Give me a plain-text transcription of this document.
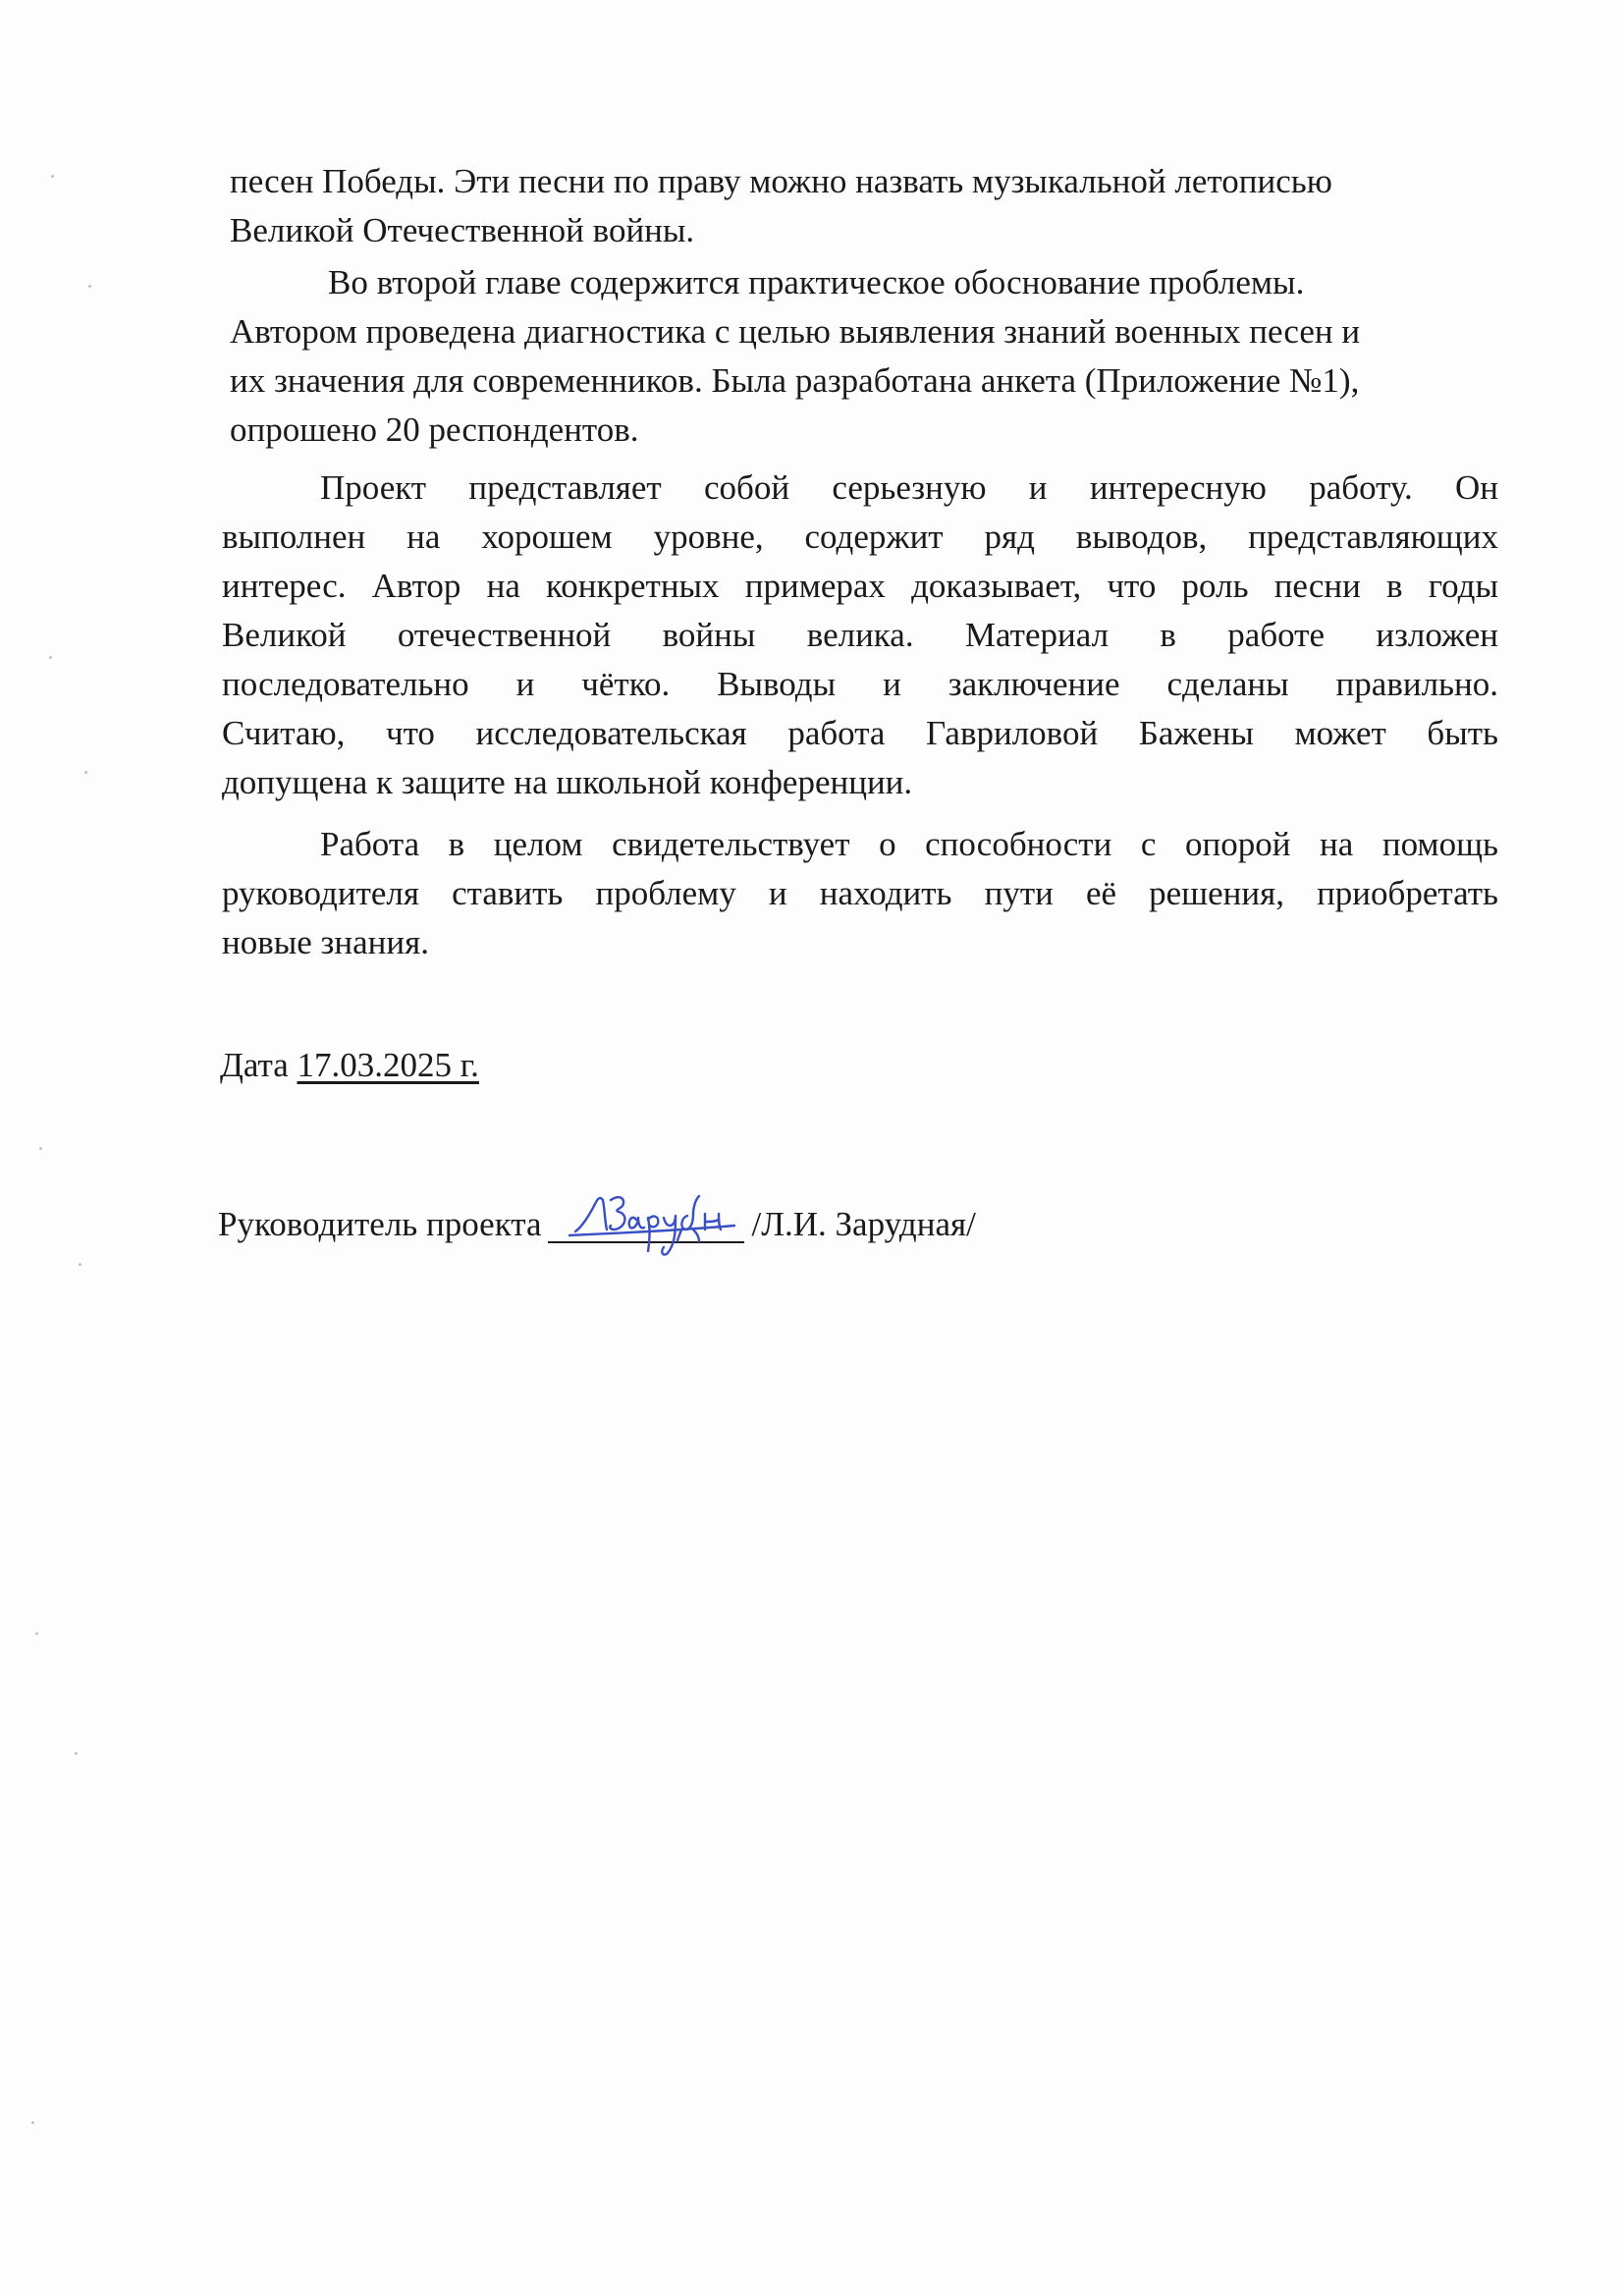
песен Победы. Эти песни по праву можно назвать музыкальной летописью
Великой Отечественной войны.
Во второй главе содержится практическое обоснование проблемы.
Автором проведена диагностика с целью выявления знаний военных песен и
их значения для современников. Была разработана анкета (Приложение №1),
опрошено 20 респондентов.
Проект представляет собой серьезную и интересную работу. Он
выполнен на хорошем уровне, содержит ряд выводов, представляющих
интерес. Автор на конкретных примерах доказывает, что роль песни в годы
Великой отечественной войны велика. Материал в работе изложен
последовательно и чётко. Выводы и заключение сделаны правильно.
Считаю, что исследовательская работа Гавриловой Бажены может быть
допущена к защите на школьной конференции.
Работа в целом свидетельствует о способности с опорой на помощь
руководителя ставить проблему и находить пути её решения, приобретать
новые знания.
Дата 17.03.2025 г.
Руководитель проекта	/Л.И. Зарудная/
